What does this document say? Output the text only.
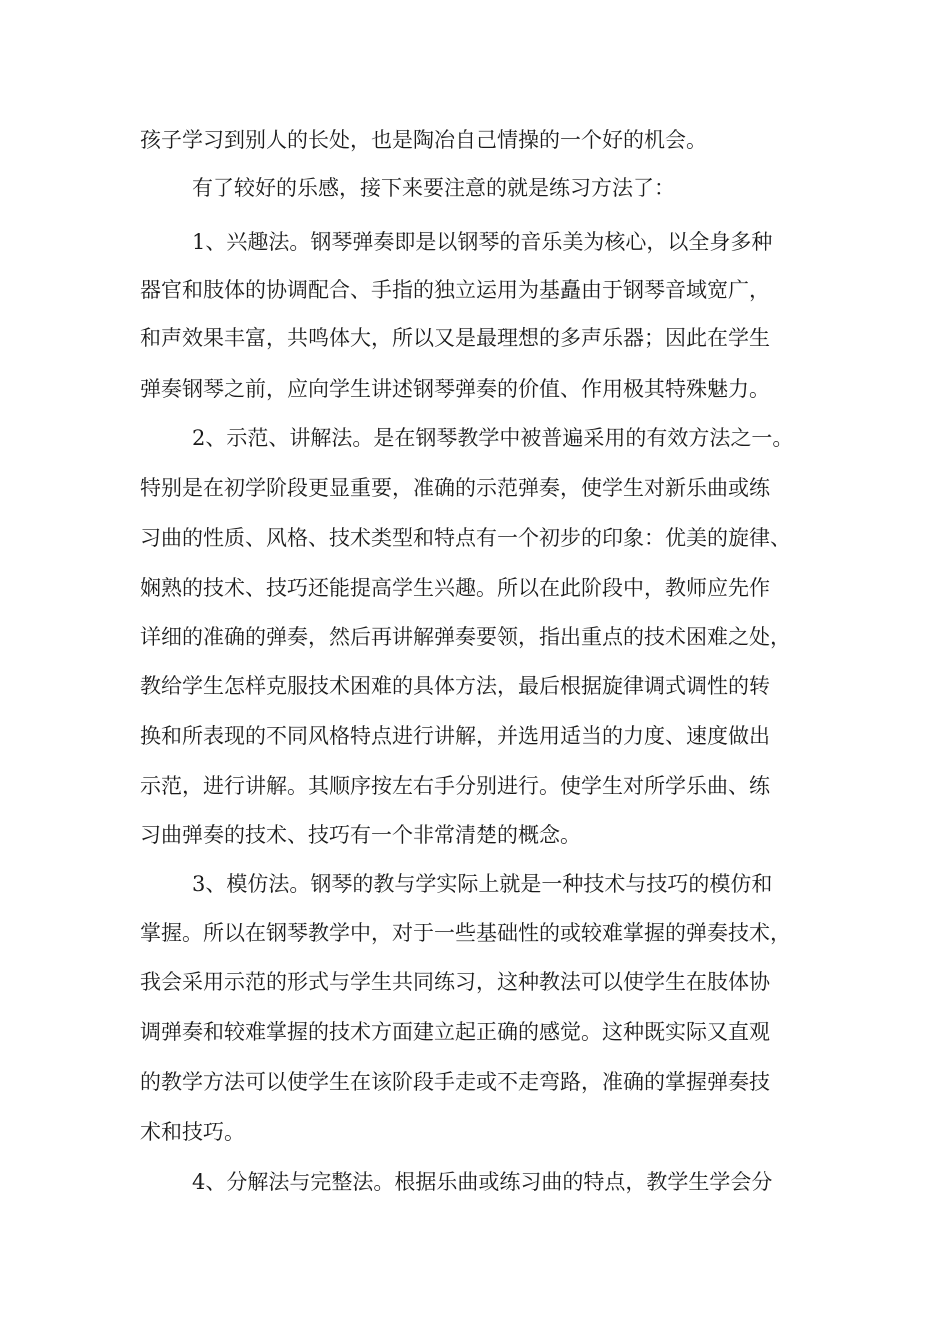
孩子学习到别人的长处，也是陶冶自己情操的一个好的机会。

有了较好的乐感，接下来要注意的就是练习方法了：

1、兴趣法。钢琴弹奏即是以钢琴的音乐美为核心，以全身多种

器官和肢体的协调配合、手指的独立运用为基矗由于钢琴音域宽广，

和声效果丰富，共鸣体大，所以又是最理想的多声乐器；因此在学生

弹奏钢琴之前，应向学生讲述钢琴弹奏的价值、作用极其特殊魅力。

2、示范、讲解法。是在钢琴教学中被普遍采用的有效方法之一。

特别是在初学阶段更显重要，准确的示范弹奏，使学生对新乐曲或练

习曲的性质、风格、技术类型和特点有一个初步的印象：优美的旋律、

娴熟的技术、技巧还能提高学生兴趣。所以在此阶段中，教师应先作

详细的准确的弹奏，然后再讲解弹奏要领，指出重点的技术困难之处，

教给学生怎样克服技术困难的具体方法，最后根据旋律调式调性的转

换和所表现的不同风格特点进行讲解，并选用适当的力度、速度做出

示范，进行讲解。其顺序按左右手分别进行。使学生对所学乐曲、练

习曲弹奏的技术、技巧有一个非常清楚的概念。

3、模仿法。钢琴的教与学实际上就是一种技术与技巧的模仿和

掌握。所以在钢琴教学中，对于一些基础性的或较难掌握的弹奏技术，

我会采用示范的形式与学生共同练习，这种教法可以使学生在肢体协

调弹奏和较难掌握的技术方面建立起正确的感觉。这种既实际又直观

的教学方法可以使学生在该阶段手走或不走弯路，准确的掌握弹奏技

术和技巧。

4、分解法与完整法。根据乐曲或练习曲的特点，教学生学会分
